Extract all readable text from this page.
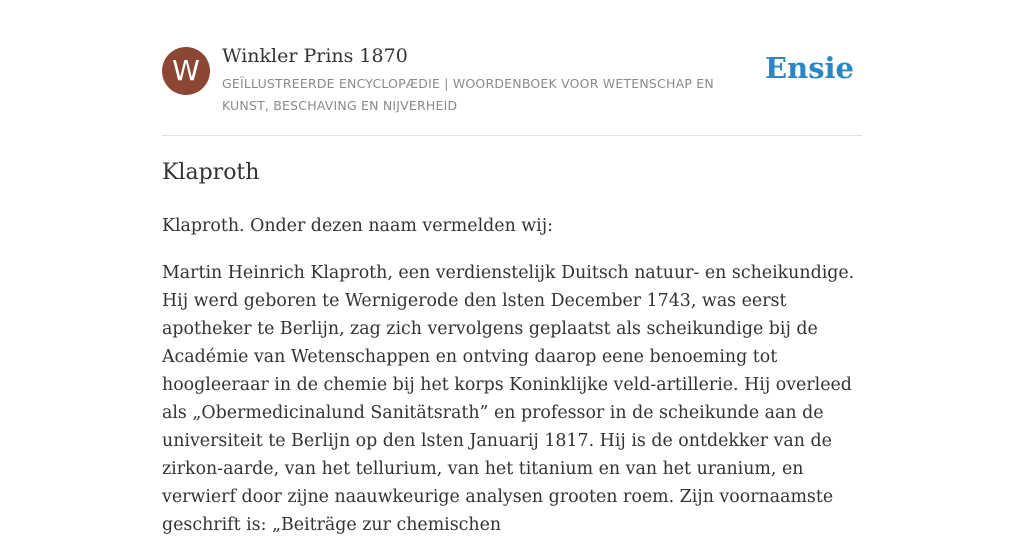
W	Winkler Prins 1870
GEÏLLUSTREERDE ENCYCLOPÆDIE | WOORDENBOEK VOOR WETENSCHAP EN KUNST, BESCHAVING EN NIJVERHEID
Ensie
Klaproth

Klaproth. Onder dezen naam vermelden wij:

Martin Heinrich Klaproth, een verdienstelijk Duitsch natuur- en scheikundige. Hij werd geboren te Wernigerode den lsten December 1743, was eerst apotheker te Berlijn, zag zich vervolgens geplaatst als scheikundige bij de Académie van Wetenschappen en ontving daarop eene benoeming tot hoogleeraar in de chemie bij het korps Koninklijke veld-artillerie. Hij overleed als „Obermedicinalund Sanitätsrath” en professor in de scheikunde aan de universiteit te Berlijn op den lsten Januarij 1817. Hij is de ontdekker van de zirkon-aarde, van het tellurium, van het titanium en van het uranium, en verwierf door zijne naauwkeurige analysen grooten roem. Zijn voornaamste geschrift is: „Beiträge zur chemischen
